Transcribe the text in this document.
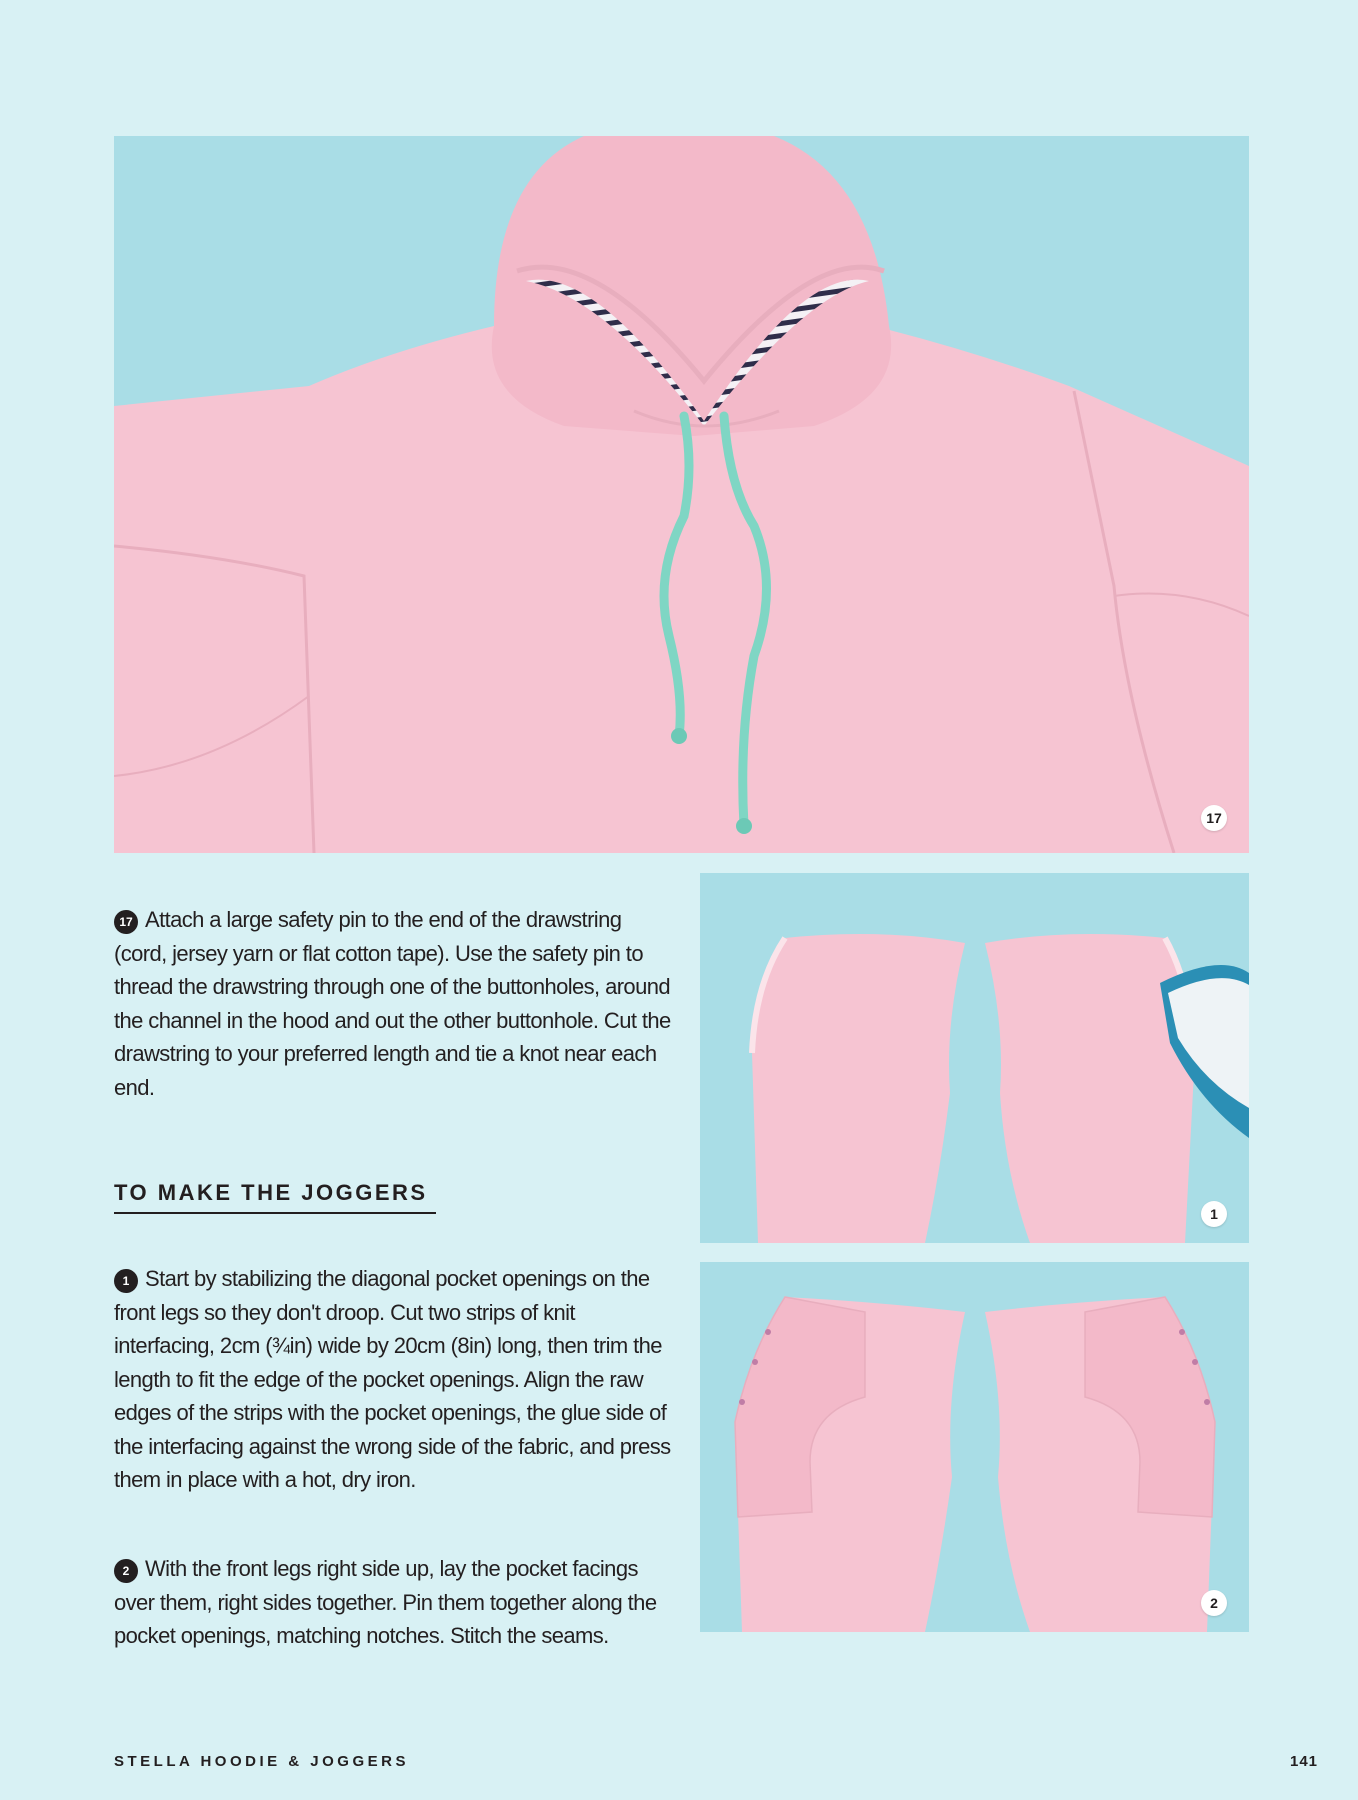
17
1
2

17 Attach a large safety pin to the end of the drawstring (cord, jersey yarn or flat cotton tape). Use the safety pin to thread the drawstring through one of the buttonholes, around the channel in the hood and out the other buttonhole. Cut the drawstring to your preferred length and tie a knot near each end.

TO MAKE THE JOGGERS

1 Start by stabilizing the diagonal pocket openings on the front legs so they don't droop. Cut two strips of knit interfacing, 2cm (¾in) wide by 20cm (8in) long, then trim the length to fit the edge of the pocket openings. Align the raw edges of the strips with the pocket openings, the glue side of the interfacing against the wrong side of the fabric, and press them in place with a hot, dry iron.

2 With the front legs right side up, lay the pocket facings over them, right sides together. Pin them together along the pocket openings, matching notches. Stitch the seams.

STELLA HOODIE & JOGGERS	141
